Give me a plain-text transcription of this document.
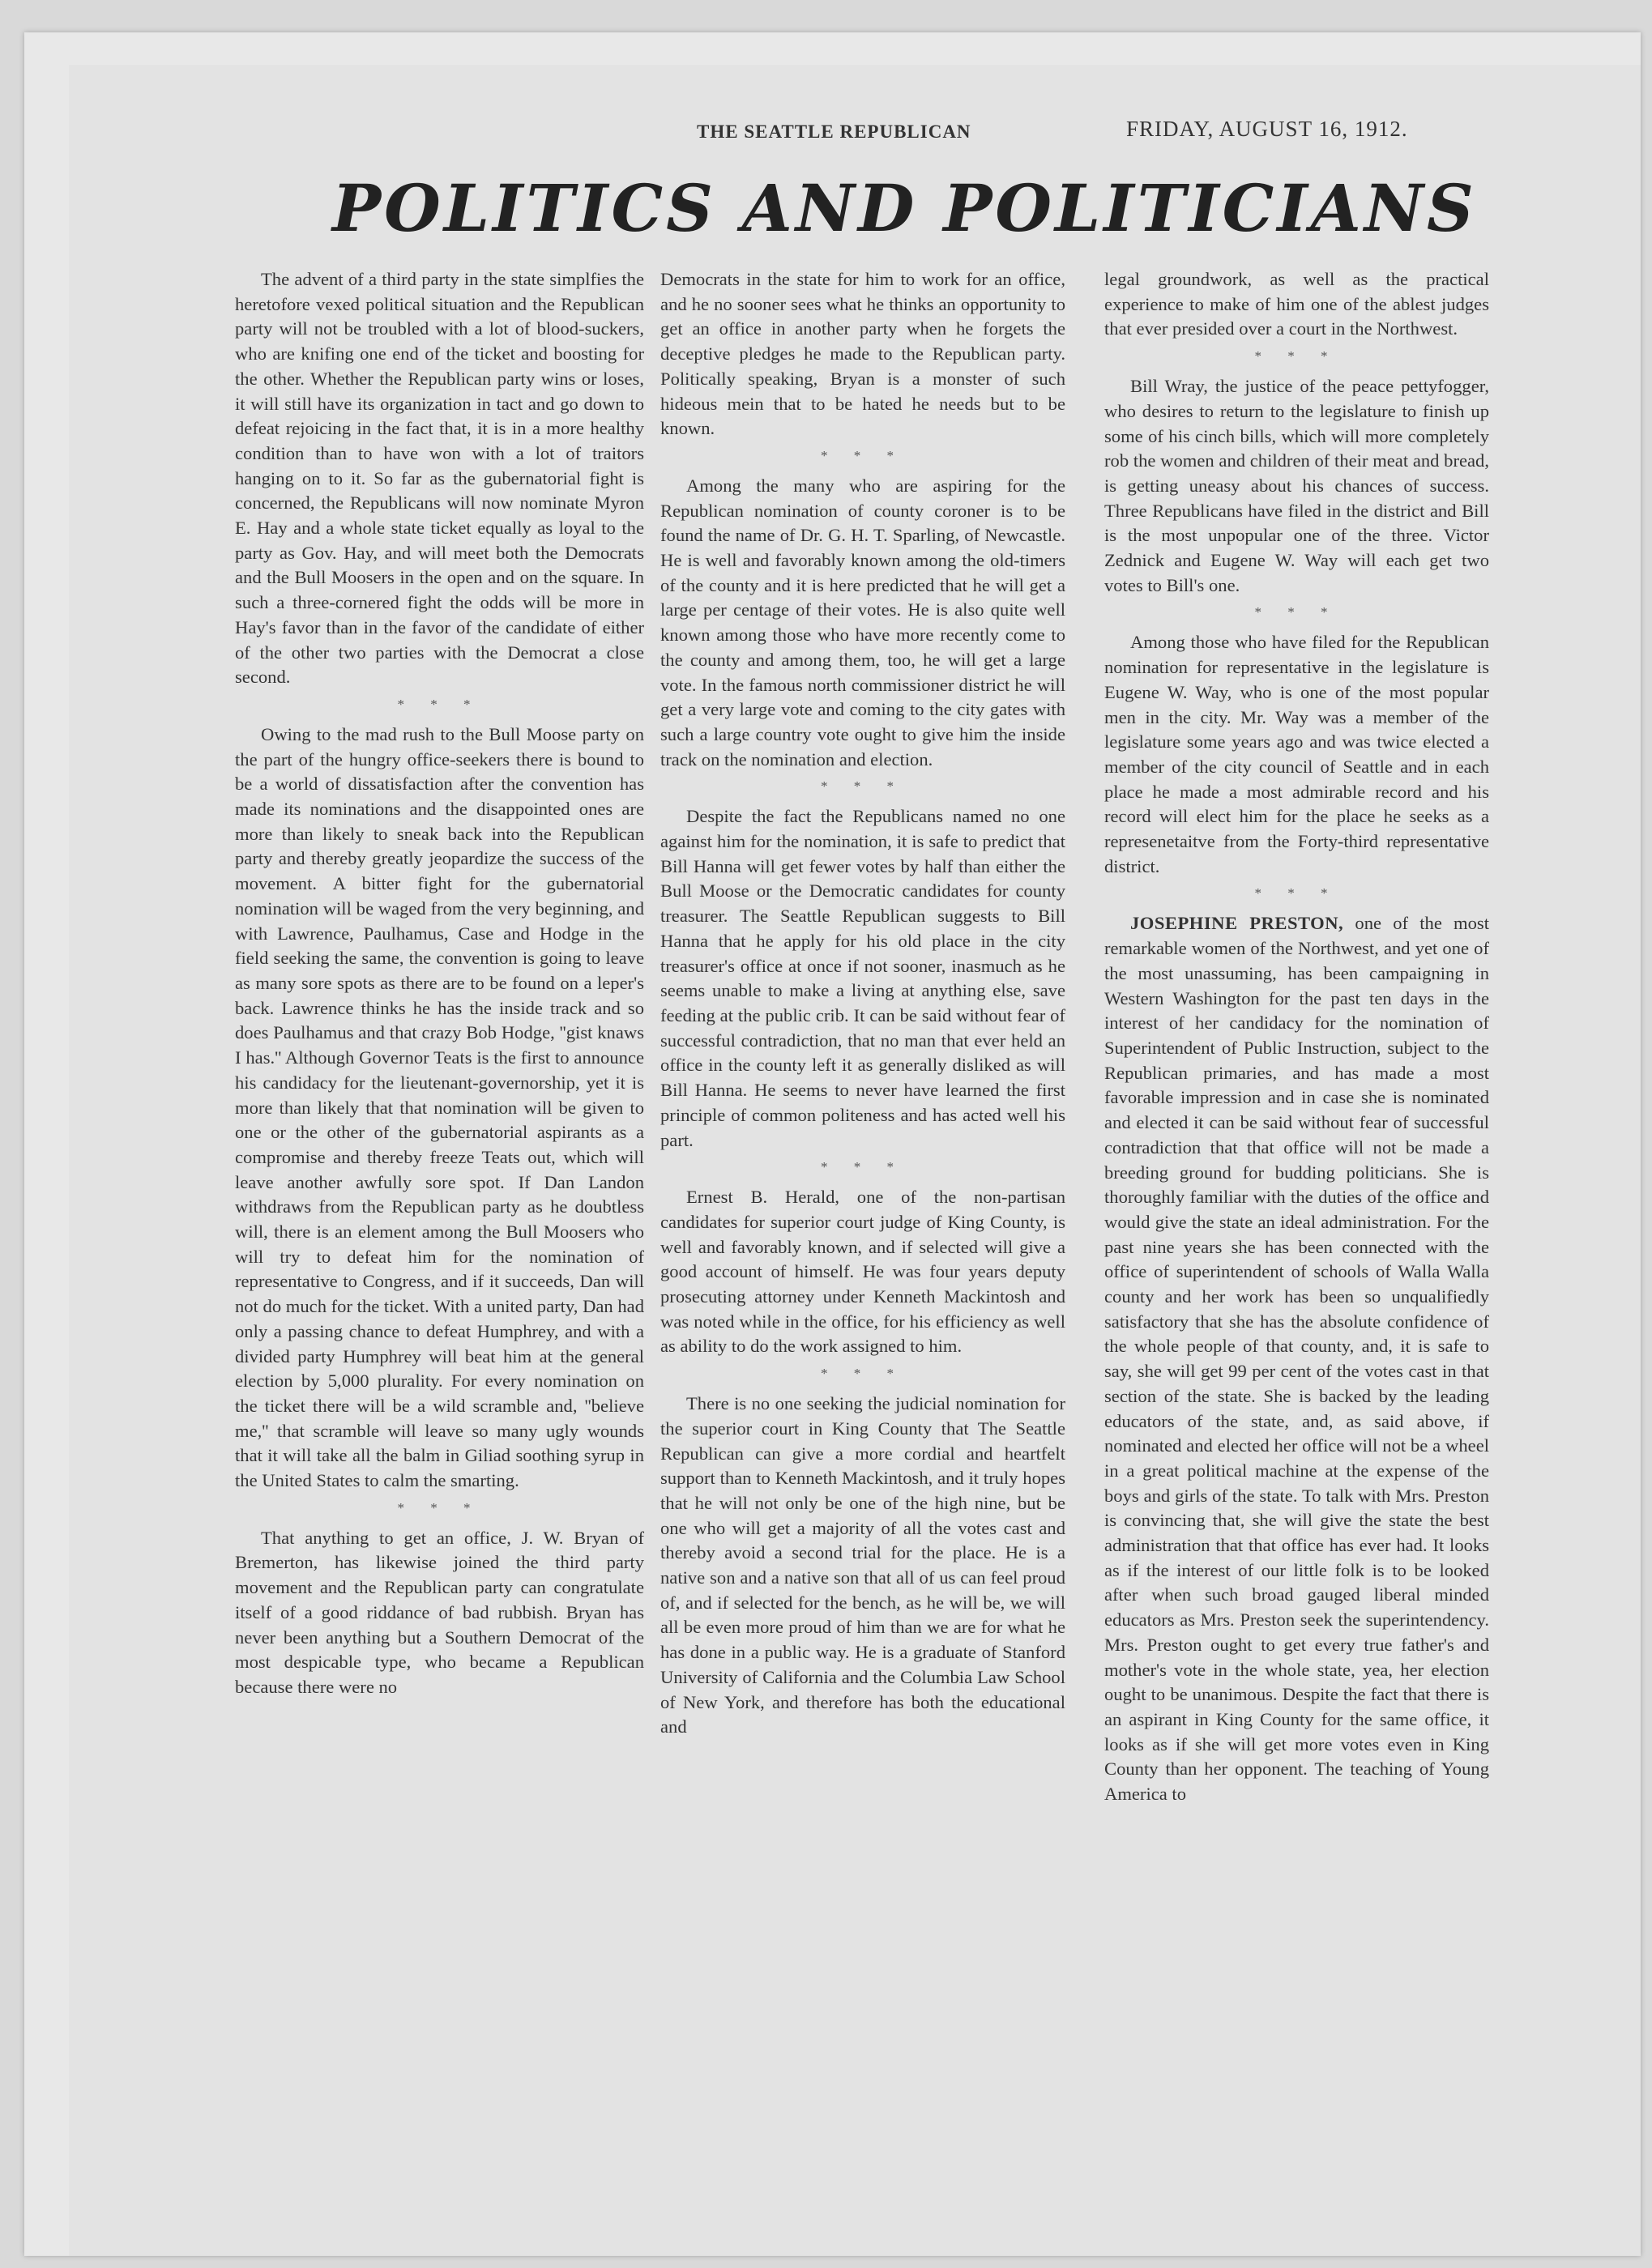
THE SEATTLE REPUBLICAN	FRIDAY, AUGUST 16, 1912.
POLITICS AND POLITICIANS

The advent of a third party in the state simplfies the heretofore vexed political situation and the Republican party will not be troubled with a lot of blood-suckers, who are knifing one end of the ticket and boosting for the other. Whether the Republican party wins or loses, it will still have its organization in tact and go down to defeat rejoicing in the fact that, it is in a more healthy condition than to have won with a lot of traitors hanging on to it. So far as the gubernatorial fight is concerned, the Republicans will now nominate Myron E. Hay and a whole state ticket equally as loyal to the party as Gov. Hay, and will meet both the Democrats and the Bull Moosers in the open and on the square. In such a three-cornered fight the odds will be more in Hay's favor than in the favor of the candidate of either of the other two parties with the Democrat a close second.

* * *

Owing to the mad rush to the Bull Moose party on the part of the hungry office-seekers there is bound to be a world of dissatisfaction after the convention has made its nominations and the disappointed ones are more than likely to sneak back into the Republican party and thereby greatly jeopardize the success of the movement. A bitter fight for the gubernatorial nomination will be waged from the very beginning, and with Lawrence, Paulhamus, Case and Hodge in the field seeking the same, the convention is going to leave as many sore spots as there are to be found on a leper's back. Lawrence thinks he has the inside track and so does Paulhamus and that crazy Bob Hodge, ''gist knaws I has.'' Although Governor Teats is the first to announce his candidacy for the lieutenant-governorship, yet it is more than likely that that nomination will be given to one or the other of the gubernatorial aspirants as a compromise and thereby freeze Teats out, which will leave another awfully sore spot. If Dan Landon withdraws from the Republican party as he doubtless will, there is an element among the Bull Moosers who will try to defeat him for the nomination of representative to Congress, and if it succeeds, Dan will not do much for the ticket. With a united party, Dan had only a passing chance to defeat Humphrey, and with a divided party Humphrey will beat him at the general election by 5,000 plurality. For every nomination on the ticket there will be a wild scramble and, ''believe me,'' that scramble will leave so many ugly wounds that it will take all the balm in Giliad soothing syrup in the United States to calm the smarting.

* * *

That anything to get an office, J. W. Bryan of Bremerton, has likewise joined the third party movement and the Republican party can congratulate itself of a good riddance of bad rubbish. Bryan has never been anything but a Southern Democrat of the most despicable type, who became a Republican because there were no

Democrats in the state for him to work for an office, and he no sooner sees what he thinks an opportunity to get an office in another party when he forgets the deceptive pledges he made to the Republican party. Politically speaking, Bryan is a monster of such hideous mein that to be hated he needs but to be known.

* * *

Among the many who are aspiring for the Republican nomination of county coroner is to be found the name of Dr. G. H. T. Sparling, of Newcastle. He is well and favorably known among the old-timers of the county and it is here predicted that he will get a large per centage of their votes. He is also quite well known among those who have more recently come to the county and among them, too, he will get a large vote. In the famous north commissioner district he will get a very large vote and coming to the city gates with such a large country vote ought to give him the inside track on the nomination and election.

* * *

Despite the fact the Republicans named no one against him for the nomination, it is safe to predict that Bill Hanna will get fewer votes by half than either the Bull Moose or the Democratic candidates for county treasurer. The Seattle Republican suggests to Bill Hanna that he apply for his old place in the city treasurer's office at once if not sooner, inasmuch as he seems unable to make a living at anything else, save feeding at the public crib. It can be said without fear of successful contradiction, that no man that ever held an office in the county left it as generally disliked as will Bill Hanna. He seems to never have learned the first principle of common politeness and has acted well his part.

* * *

Ernest B. Herald, one of the non-partisan candidates for superior court judge of King County, is well and favorably known, and if selected will give a good account of himself. He was four years deputy prosecuting attorney under Kenneth Mackintosh and was noted while in the office, for his efficiency as well as ability to do the work assigned to him.

* * *

There is no one seeking the judicial nomination for the superior court in King County that The Seattle Republican can give a more cordial and heartfelt support than to Kenneth Mackintosh, and it truly hopes that he will not only be one of the high nine, but be one who will get a majority of all the votes cast and thereby avoid a second trial for the place. He is a native son and a native son that all of us can feel proud of, and if selected for the bench, as he will be, we will all be even more proud of him than we are for what he has done in a public way. He is a graduate of Stanford University of California and the Columbia Law School of New York, and therefore has both the educational and

legal groundwork, as well as the practical experience to make of him one of the ablest judges that ever presided over a court in the Northwest.

* * *

Bill Wray, the justice of the peace pettyfogger, who desires to return to the legislature to finish up some of his cinch bills, which will more completely rob the women and children of their meat and bread, is getting uneasy about his chances of success. Three Republicans have filed in the district and Bill is the most unpopular one of the three. Victor Zednick and Eugene W. Way will each get two votes to Bill's one.

* * *

Among those who have filed for the Republican nomination for representative in the legislature is Eugene W. Way, who is one of the most popular men in the city. Mr. Way was a member of the legislature some years ago and was twice elected a member of the city council of Seattle and in each place he made a most admirable record and his record will elect him for the place he seeks as a represenetaitve from the Forty-third representative district.

* * *

JOSEPHINE PRESTON, one of the most remarkable women of the Northwest, and yet one of the most unassuming, has been campaigning in Western Washington for the past ten days in the interest of her candidacy for the nomination of Superintendent of Public Instruction, subject to the Republican primaries, and has made a most favorable impression and in case she is nominated and elected it can be said without fear of successful contradiction that that office will not be made a breeding ground for budding politicians. She is thoroughly familiar with the duties of the office and would give the state an ideal administration. For the past nine years she has been connected with the office of superintendent of schools of Walla Walla county and her work has been so unqualifiedly satisfactory that she has the absolute confidence of the whole people of that county, and, it is safe to say, she will get 99 per cent of the votes cast in that section of the state. She is backed by the leading educators of the state, and, as said above, if nominated and elected her office will not be a wheel in a great political machine at the expense of the boys and girls of the state. To talk with Mrs. Preston is convincing that, she will give the state the best administration that that office has ever had. It looks as if the interest of our little folk is to be looked after when such broad gauged liberal minded educators as Mrs. Preston seek the superintendency. Mrs. Preston ought to get every true father's and mother's vote in the whole state, yea, her election ought to be unanimous. Despite the fact that there is an aspirant in King County for the same office, it looks as if she will get more votes even in King County than her opponent. The teaching of Young America to
